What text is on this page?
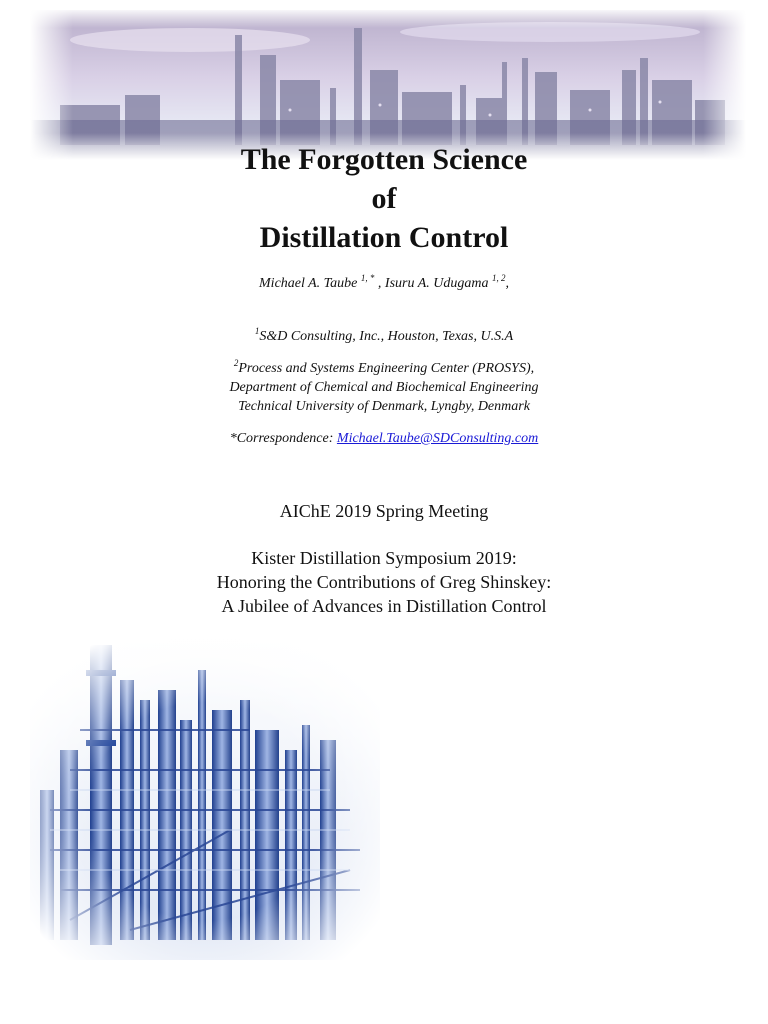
The Forgotten Science

of

Distillation Control

Michael A. Taube $^{1, *}$ , Isuru A. Udugama $^{1, 2}$,
$^1$S&D Consulting, Inc., Houston, Texas, U.S.A
$^2$Process and Systems Engineering Center (PROSYS),
Department of Chemical and Biochemical Engineering
Technical University of Denmark, Lyngby, Denmark
*Correspondence: Michael.Taube@SDConsulting.com
AIChE 2019 Spring Meeting
Kister Distillation Symposium 2019:
Honoring the Contributions of Greg Shinskey:
A Jubilee of Advances in Distillation Control
